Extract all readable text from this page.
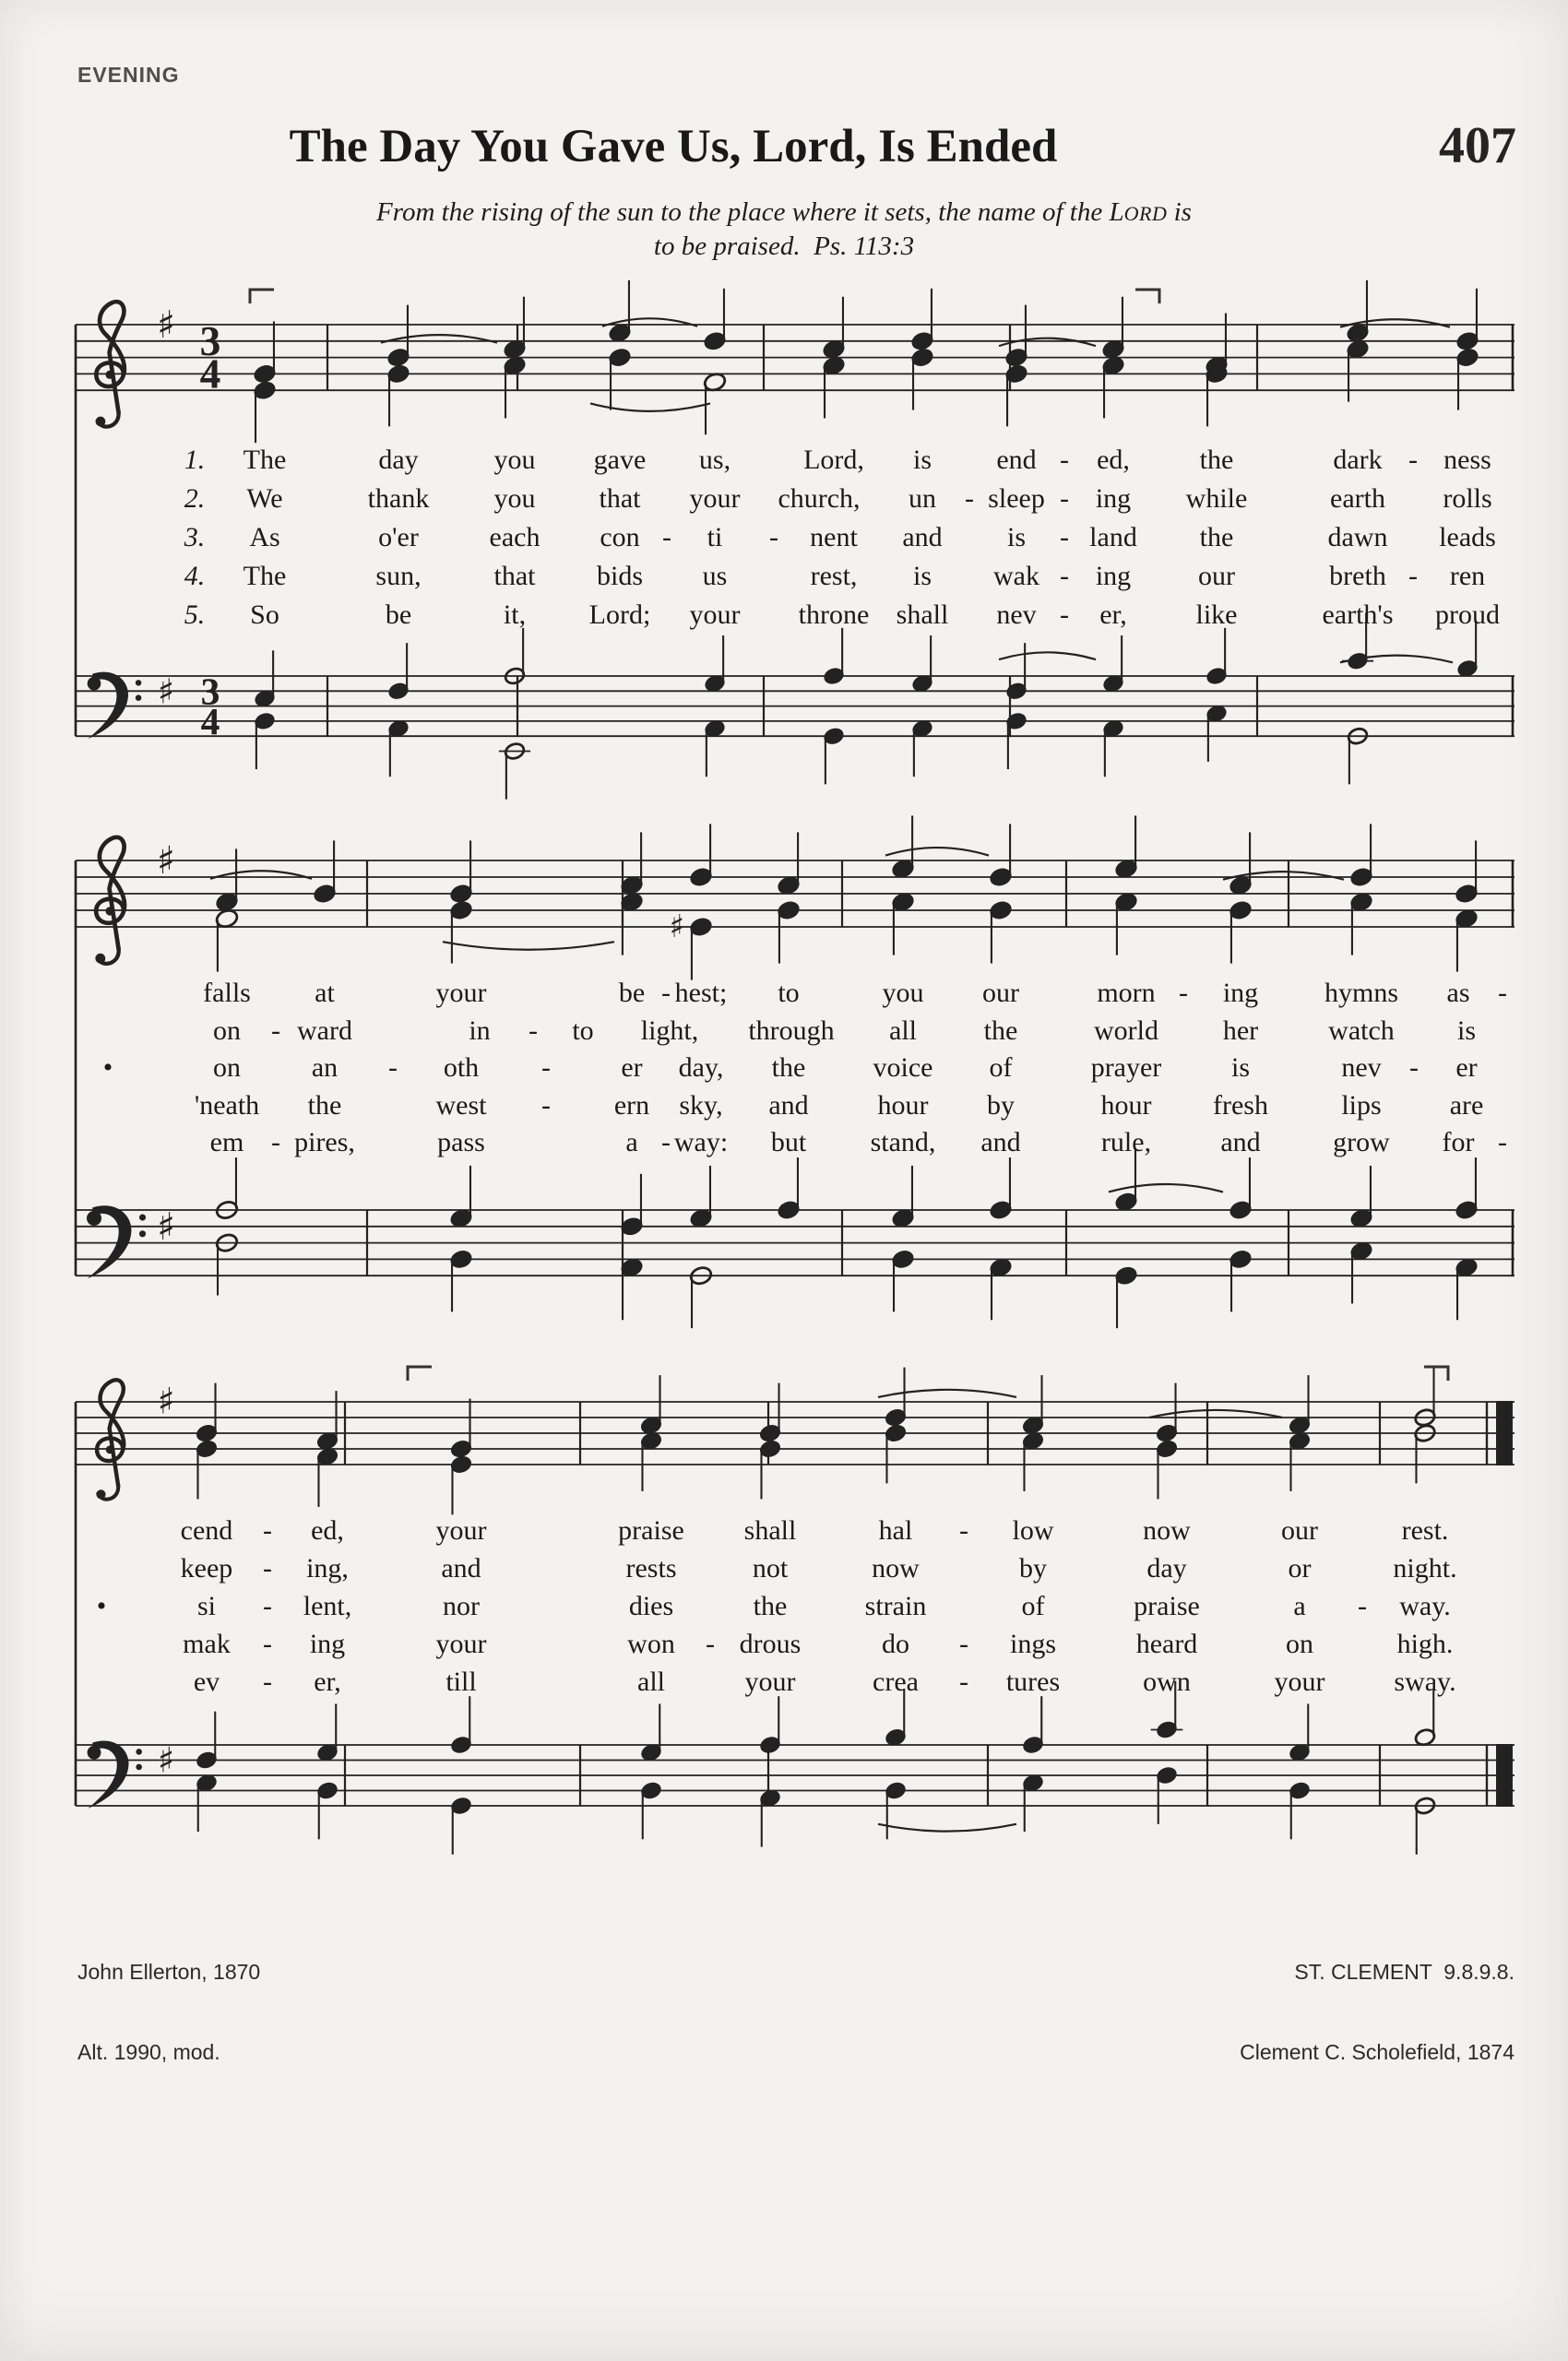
EVENING
The Day You Gave Us, Lord, Is Ended	407
From the rising of the sun to the place where it sets, the name of the LORD is
to be praised.  Ps. 113:3
♯ 3
4
♯ 3
4
♯
♯
♯
♯
♯
1. The	day	you gave us,	Lord, is end - ed,	the	dark - ness
2. We	thank you that your church, un - sleep - ing while	earth rolls
3. As	o'er	each con - ti - nent and is - land the	dawn leads
4. The	sun,	that bids us	rest, is wak - ing our	breth - ren
5. So	be	it, Lord; your throne shall nev - er, like	earth's proud
falls at	your	be - hest; to	you our	morn - ing hymns as -
on - ward	in - to light, through all the	world her	watch is
•	on	an - oth -	er day, the voice of	prayer	is	nev - er
'neath the	west - ern sky, and hour by	hour fresh	lips are
em - pires,	pass	a - way: but stand, and	rule,	and	grow for -
cend - ed,	your	praise shall	hal - low	now	our	rest.
keep - ing,	and	rests	not	now	by	day	or	night.
•	si - lent,	nor	dies	the	strain	of	praise	a - way.
mak - ing	your	won - drous	do - ings	heard	on	high.
ev - er,	till	all	your	crea - tures	own	your sway.

John Ellerton, 1870

Alt. 1990, mod.

ST. CLEMENT  9.8.9.8.

Clement C. Scholefield, 1874
